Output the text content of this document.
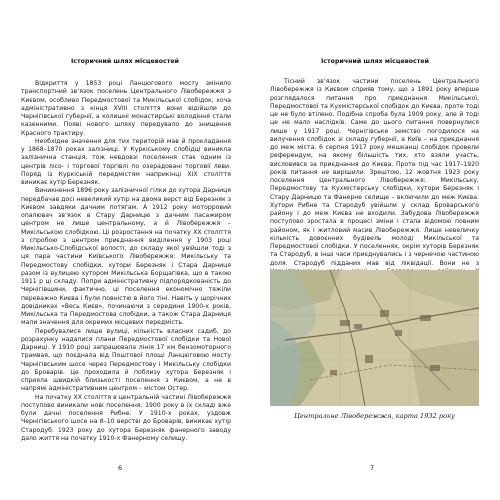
Історичний шлях місцевостей

Відкриття у 1853 році Ланцюгового мосту змінило транспортний зв’язок поселень Центрального Лівобережжя з Києвом, особливо Передмостової та Микільської слобідок, хоча адміністративно з кінця XVIII століття вони відійшли до Чернігівської губернії, а колишні монастирські володіння стали казенними. Появі нового шляху передувало до знищення Красного трактиру.

Необхідне значення для тих територій мав й прокладання у 1868–1870 роках залізниці. У Куркіському слобідці виникла залізнична станція, тож невдовзі поселення стає одним із центрів лісо- і торгової торгівлі по озерадовані торговії леви. Поряд із Куркіській передмістям наприкінці XIX століття виникає хутір Березняк.

Виникнення 1896 року залізничної гілки до хутора Дарниця передбачав досі невеликий хутір на двома верст від Березняк з Києвом завдяки дачним потягам. А 1912 року моторровий опалювач зв’язок в Стару Дарницю з дачним пасажиром центром не лише центральному, а й Лівобережжя – Микільською слобідкою. Ці розростання на початку XX століття з спробою з центром приєднання виділення у 1903 році Микільсько-Слобідської волості, до складу якої увійшли тоді з ця пара частини Київського Лівобережжя: Микільську та Передмостову слобідки, хутори Березняк і Стара Дарниця разом із вулицею хутором Микільська Борщагівка, що в такою 1911 р ці складу. Попри адміністративну підпорядкованість до Чернігівщини, фактично, ці поселення економічно тяжіли переважно Києва і були повністю в його тіні. Навіть у щорічних довідниках «Весь Києв», починаючи з середини 1900-х років, Микільська та Передмостова слобідки, а також Стара Дарниця мали значення для окремих місцевих передмість.

Перебувалися лише вулиці, кількість власних садиб, до розрахунку надалися плани Передмостової слобідки та Нової Дарниці. У 1910 році запрацювала лінія 17 км бензомоторного трамвая, що поєднала від Поштової площі Ланцюговою мосту Чернігівським шосе через Передмостову і Микільську слобідки до Броварів. Це проходила й поблизу хутора Березняк і сприяла швидкій близькості поселення з Києвом, а не в напрямі адміністративним центром – містом Остер.

На початку XX століття в центральній частині Лівобережжя поступово виникали нові поселення. 1900 року в їх складі вже були дачні поселення Рибне. У 1910-х роках, уздовж Чернігівського шосе на 8–10 верстві до Броварів, виникає хутір Стародуб. 1923 року до хутора Березняк фанерного заводу дало життя на початку 1910-х Фанерному селищу.

6
Історичний шлях місцевостей

Тісний зв’язок частини поселень Центрального Лівобережжя із Києвом сприяв тому, що з 1891 року вперше розглядалося питання про приєднання Микільської, Передмостової та Кухмістерської слобідок до Києва, проте тоді це не було втілено. Подібна спроба була 1909 року, але й тоді це не мало наслідків. Саме до цього питання повернулися лише у 1917 році. Чернігівське земство погодилося на вилучення слобідок зі складу губернії, а Київ – на приєднання до меж міста. 6 серпня 1917 року мешканці слобідок провели референдум, на якому більшість тих, хто взяли участь, висловився за приєднання до Києва. Проте під час 1917–1920 років питання не вирішили. Зрештою, 12 жовтня 1923 року поселення Центрального Лівобережжя: Микільську, Передмостову та Кухмістерську слобідки, хутори Березняк і Стару Дарницю та Фанерне селище – включили до меж Києва. Хутори Рибне та Стародуб увійшли у склад Броварського району і до меж Києва не входили. Забудова Лівобережжя поступово зростала в процесі зміни і стала відомою повним районом, як і житловий масив Лівобережжя. Лише невеличку кількість довоєнних будівель молоді Микільської та Передмостової слобідки. У поселеннях, окрім хуторів Березняк та Стародуб, в інші часи приєднувались і з чернечою частиною доля. Стародуб підданих мав від ліквідації. Вони не з

Центральне Лівобережжя, карта 1932 року
7
